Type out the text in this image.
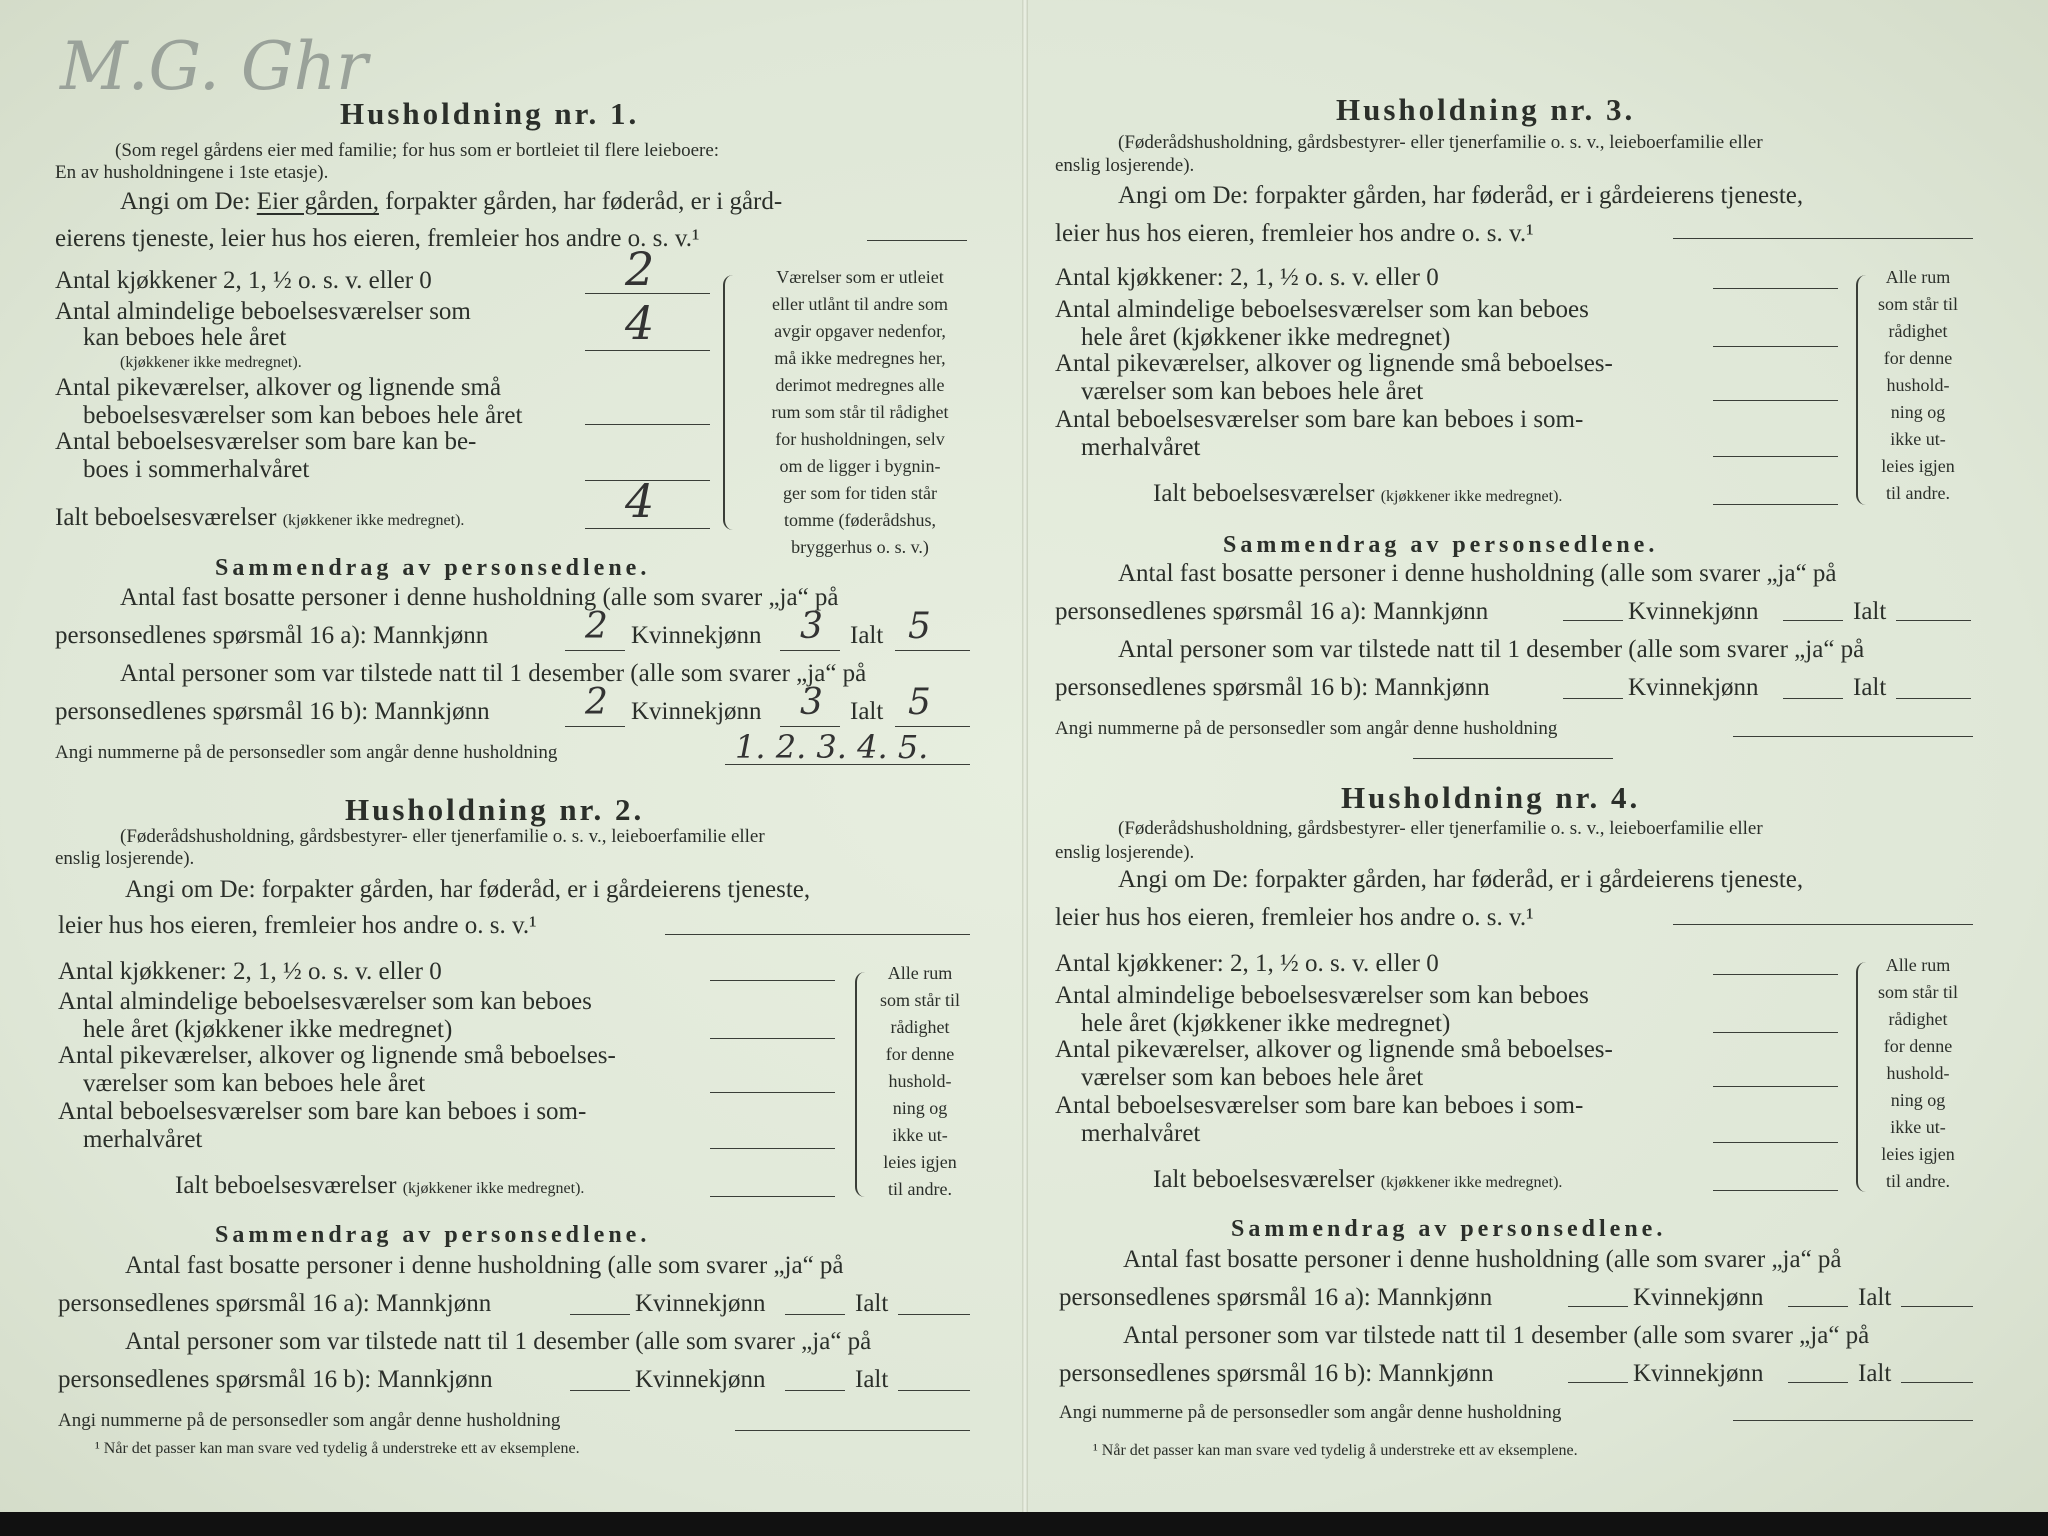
M.G. Ghr
Husholdning nr. 1.
(Som regel gårdens eier med familie; for hus som er bortleiet til flere leieboere:
En av husholdningene i 1ste etasje).
Angi om De: Eier gården, forpakter gården, har føderåd, er i gård-
eierens tjeneste, leier hus hos eieren, fremleier hos andre o. s. v.¹
Antal kjøkkener 2, 1, ½ o. s. v. eller 0	2
Antal almindelige beboelsesværelser som
kan beboes hele året	4
(kjøkkener ikke medregnet).
Antal pikeværelser, alkover og lignende små
beboelsesværelser som kan beboes hele året
Antal beboelsesværelser som bare kan be-
boes i sommerhalvåret
Ialt beboelsesværelser (kjøkkener ikke medregnet).	4
Værelser som er utleiet
eller utlånt til andre som
avgir opgaver nedenfor,
må ikke medregnes her,
derimot medregnes alle
rum som står til rådighet
for husholdningen, selv
om de ligger i bygnin-
ger som for tiden står
tomme (føderådshus,
bryggerhus o. s. v.)
Sammendrag av personsedlene.
Antal fast bosatte personer i denne husholdning (alle som svarer „ja“ på
personsedlenes spørsmål 16 a): Mannkjønn	2 Kvinnekjønn 3 Ialt 5
Antal personer som var tilstede natt til 1 desember (alle som svarer „ja“ på
personsedlenes spørsmål 16 b): Mannkjønn	2 Kvinnekjønn 3 Ialt 5
Angi nummerne på de personsedler som angår denne husholdning	1. 2. 3. 4. 5.
Husholdning nr. 2.
(Føderådshusholdning, gårdsbestyrer- eller tjenerfamilie o. s. v., leieboerfamilie eller
enslig losjerende).
Angi om De: forpakter gården, har føderåd, er i gårdeierens tjeneste,
leier hus hos eieren, fremleier hos andre o. s. v.¹
Antal kjøkkener: 2, 1, ½ o. s. v. eller 0
Antal almindelige beboelsesværelser som kan beboes
hele året (kjøkkener ikke medregnet)
Antal pikeværelser, alkover og lignende små beboelses-
værelser som kan beboes hele året
Antal beboelsesværelser som bare kan beboes i som-
merhalvåret
Ialt beboelsesværelser (kjøkkener ikke medregnet).
Alle rum
som står til
rådighet
for denne
hushold-
ning og
ikke ut-
leies igjen
til andre.
Sammendrag av personsedlene.
Antal fast bosatte personer i denne husholdning (alle som svarer „ja“ på
personsedlenes spørsmål 16 a): Mannkjønn	Kvinnekjønn	Ialt
Antal personer som var tilstede natt til 1 desember (alle som svarer „ja“ på
personsedlenes spørsmål 16 b): Mannkjønn	Kvinnekjønn	Ialt
Angi nummerne på de personsedler som angår denne husholdning
¹ Når det passer kan man svare ved tydelig å understreke ett av eksemplene.
Husholdning nr. 3.
(Føderådshusholdning, gårdsbestyrer- eller tjenerfamilie o. s. v., leieboerfamilie eller
enslig losjerende).
Angi om De: forpakter gården, har føderåd, er i gårdeierens tjeneste,
leier hus hos eieren, fremleier hos andre o. s. v.¹
Antal kjøkkener: 2, 1, ½ o. s. v. eller 0
Antal almindelige beboelsesværelser som kan beboes
hele året (kjøkkener ikke medregnet)
Antal pikeværelser, alkover og lignende små beboelses-
værelser som kan beboes hele året
Antal beboelsesværelser som bare kan beboes i som-
merhalvåret
Ialt beboelsesværelser (kjøkkener ikke medregnet).
Alle rum
som står til
rådighet
for denne
hushold-
ning og
ikke ut-
leies igjen
til andre.
Sammendrag av personsedlene.
Antal fast bosatte personer i denne husholdning (alle som svarer „ja“ på
personsedlenes spørsmål 16 a): Mannkjønn	Kvinnekjønn	Ialt
Antal personer som var tilstede natt til 1 desember (alle som svarer „ja“ på
personsedlenes spørsmål 16 b): Mannkjønn	Kvinnekjønn	Ialt
Angi nummerne på de personsedler som angår denne husholdning
Husholdning nr. 4.
(Føderådshusholdning, gårdsbestyrer- eller tjenerfamilie o. s. v., leieboerfamilie eller
enslig losjerende).
Angi om De: forpakter gården, har føderåd, er i gårdeierens tjeneste,
leier hus hos eieren, fremleier hos andre o. s. v.¹
Antal kjøkkener: 2, 1, ½ o. s. v. eller 0
Antal almindelige beboelsesværelser som kan beboes
hele året (kjøkkener ikke medregnet)
Antal pikeværelser, alkover og lignende små beboelses-
værelser som kan beboes hele året
Antal beboelsesværelser som bare kan beboes i som-
merhalvåret
Ialt beboelsesværelser (kjøkkener ikke medregnet).
Alle rum
som står til
rådighet
for denne
hushold-
ning og
ikke ut-
leies igjen
til andre.
Sammendrag av personsedlene.
Antal fast bosatte personer i denne husholdning (alle som svarer „ja“ på
personsedlenes spørsmål 16 a): Mannkjønn	Kvinnekjønn	Ialt
Antal personer som var tilstede natt til 1 desember (alle som svarer „ja“ på
personsedlenes spørsmål 16 b): Mannkjønn	Kvinnekjønn	Ialt
Angi nummerne på de personsedler som angår denne husholdning
¹ Når det passer kan man svare ved tydelig å understreke ett av eksemplene.
